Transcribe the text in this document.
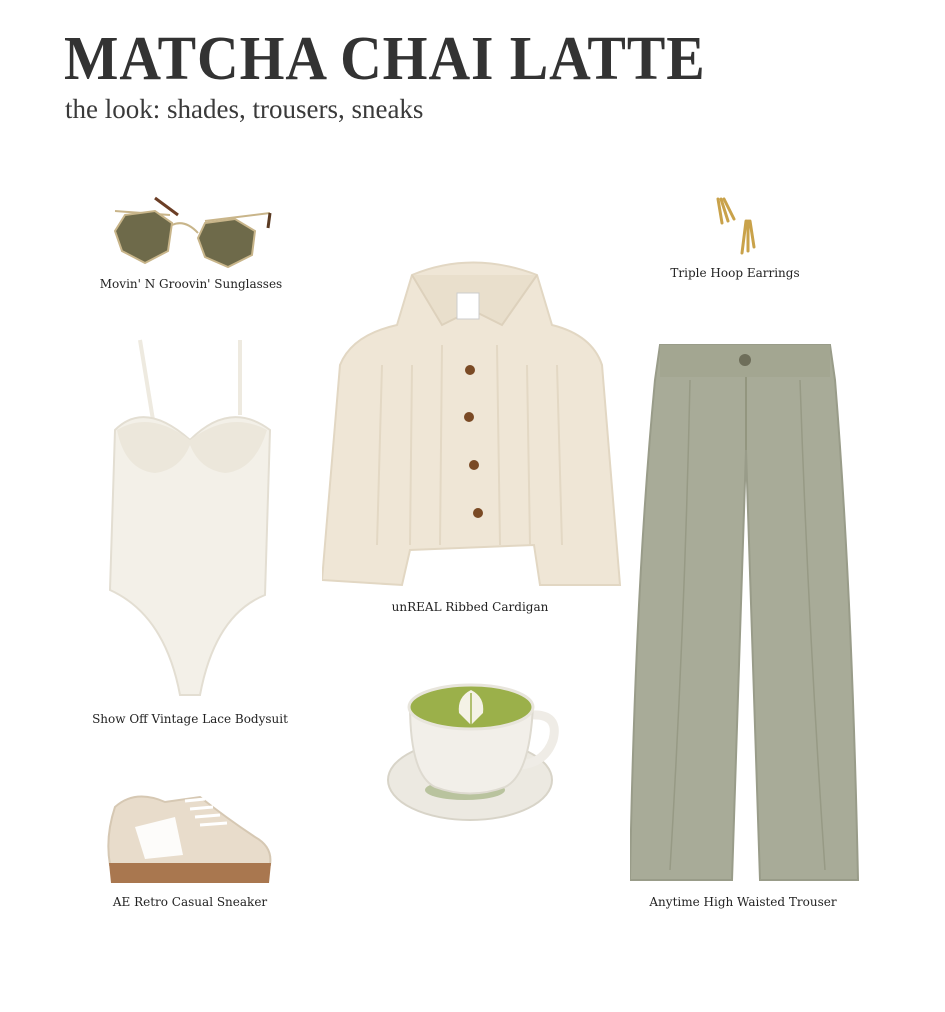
MATCHA CHAI LATTE
the look: shades, trousers, sneaks
Movin' N Groovin' Sunglasses
Triple Hoop Earrings
unREAL Ribbed Cardigan
Show Off Vintage Lace Bodysuit
Anytime High Waisted Trouser
AE Retro Casual Sneaker
